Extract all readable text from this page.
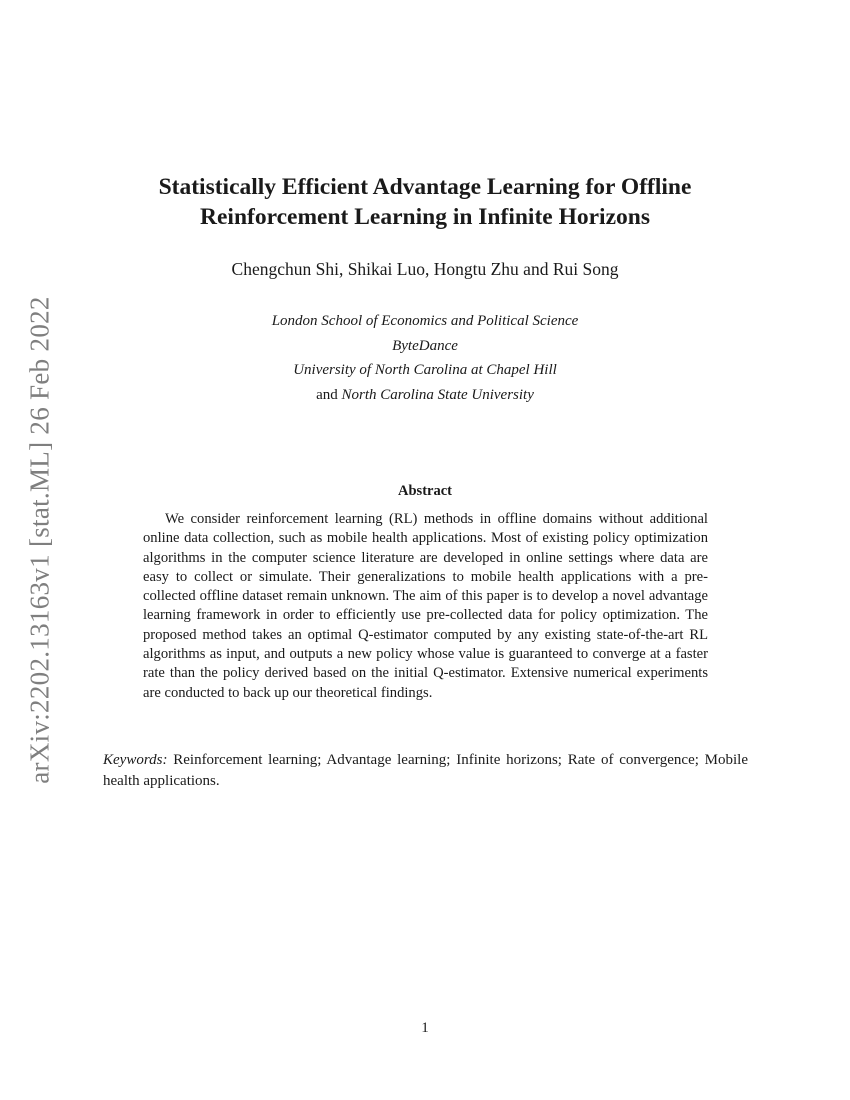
arXiv:2202.13163v1 [stat.ML] 26 Feb 2022
Statistically Efficient Advantage Learning for Offline Reinforcement Learning in Infinite Horizons

Chengchun Shi, Shikai Luo, Hongtu Zhu and Rui Song

London School of Economics and Political Science
ByteDance
University of North Carolina at Chapel Hill
and North Carolina State University
Abstract

We consider reinforcement learning (RL) methods in offline domains without additional online data collection, such as mobile health applications. Most of existing policy optimization algorithms in the computer science literature are developed in online settings where data are easy to collect or simulate. Their generalizations to mobile health applications with a pre-collected offline dataset remain unknown. The aim of this paper is to develop a novel advantage learning framework in order to efficiently use pre-collected data for policy optimization. The proposed method takes an optimal Q-estimator computed by any existing state-of-the-art RL algorithms as input, and outputs a new policy whose value is guaranteed to converge at a faster rate than the policy derived based on the initial Q-estimator. Extensive numerical experiments are conducted to back up our theoretical findings.

Keywords: Reinforcement learning; Advantage learning; Infinite horizons; Rate of convergence; Mobile health applications.

1
